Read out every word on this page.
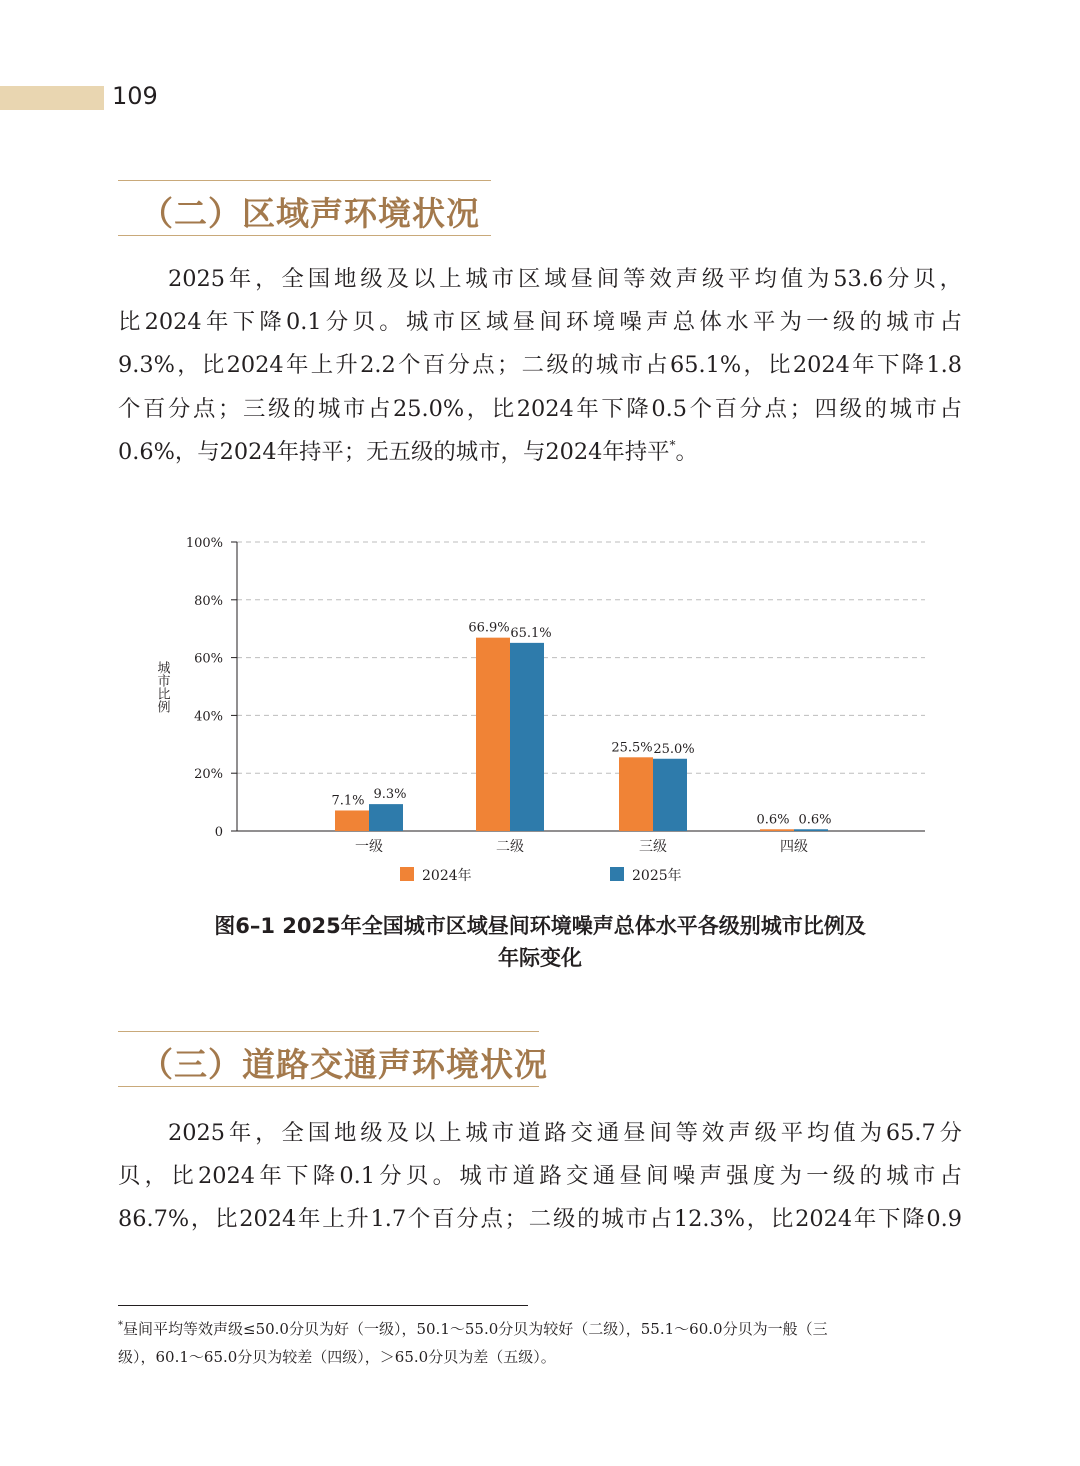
109
（二）区域声环境状况
2025年，全国地级及以上城市区域昼间等效声级平均值为53.6分贝，
比2024年下降0.1分贝。城市区域昼间环境噪声总体水平为一级的城市占
9.3%，比2024年上升2.2个百分点；二级的城市占65.1%，比2024年下降1.8
个百分点；三级的城市占25.0%，比2024年下降0.5个百分点；四级的城市占
0.6%，与2024年持平；无五级的城市，与2024年持平*。
0
20%
40%
60%
80%
100%
城市比例
7.1% 9.3%
一级
66.9% 65.1%
二级
25.5% 25.0%
三级
0.6% 0.6%
四级
2024年	2025年
图6–1 2025年全国城市区域昼间环境噪声总体水平各级别城市比例及
年际变化
（三）道路交通声环境状况
2025年，全国地级及以上城市道路交通昼间等效声级平均值为65.7分
贝，比2024年下降0.1分贝。城市道路交通昼间噪声强度为一级的城市占
86.7%，比2024年上升1.7个百分点；二级的城市占12.3%，比2024年下降0.9
*昼间平均等效声级≤50.0分贝为好（一级），50.1～55.0分贝为较好（二级），55.1～60.0分贝为一般（三
级），60.1～65.0分贝为较差（四级），＞65.0分贝为差（五级）。
